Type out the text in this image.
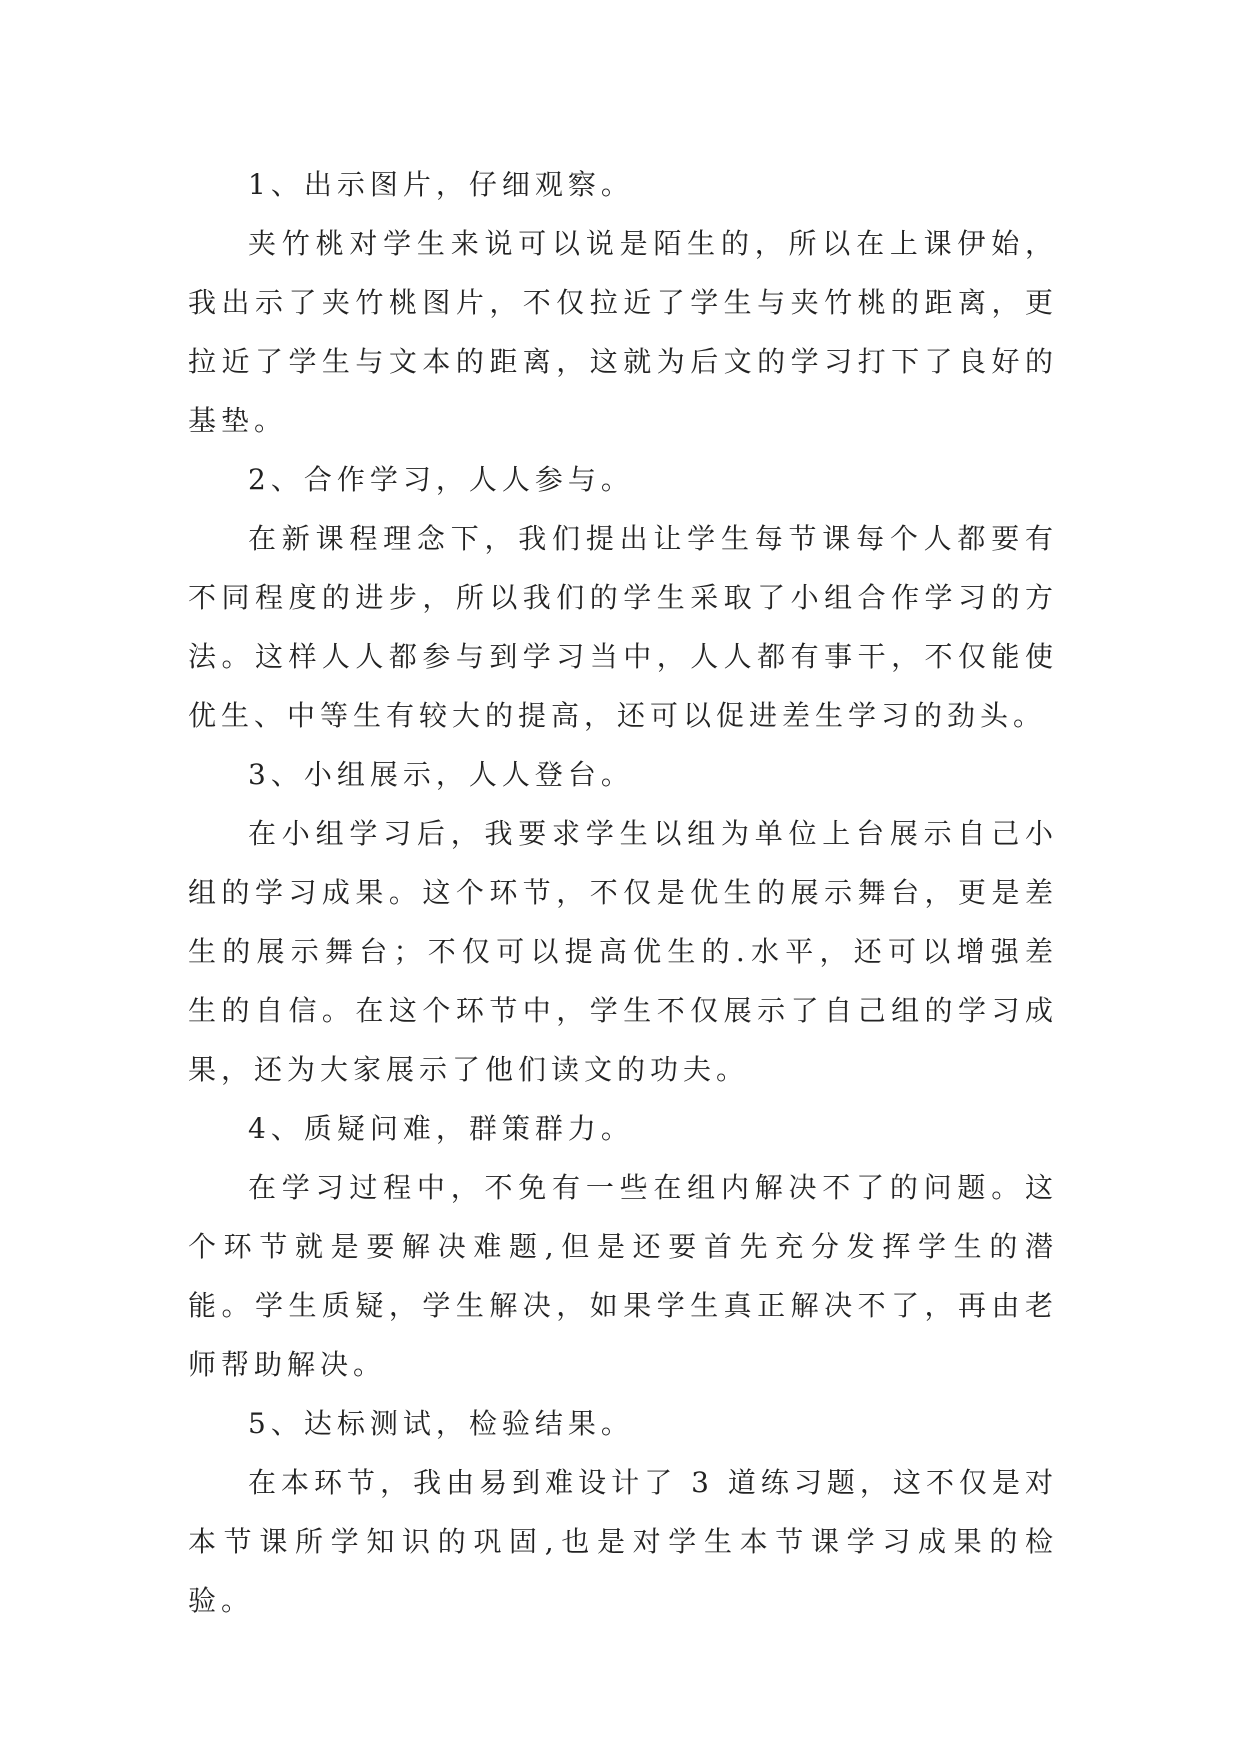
1、出示图片，仔细观察。

夹竹桃对学生来说可以说是陌生的，所以在上课伊始，我出示了夹竹桃图片，不仅拉近了学生与夹竹桃的距离，更拉近了学生与文本的距离，这就为后文的学习打下了良好的基垫。

2、合作学习，人人参与。

在新课程理念下，我们提出让学生每节课每个人都要有不同程度的进步，所以我们的学生采取了小组合作学习的方法。这样人人都参与到学习当中，人人都有事干，不仅能使优生、中等生有较大的提高，还可以促进差生学习的劲头。

3、小组展示，人人登台。

在小组学习后，我要求学生以组为单位上台展示自己小组的学习成果。这个环节，不仅是优生的展示舞台，更是差生的展示舞台；不仅可以提高优生的.水平，还可以增强差生的自信。在这个环节中，学生不仅展示了自己组的学习成果，还为大家展示了他们读文的功夫。

4、质疑问难，群策群力。

在学习过程中，不免有一些在组内解决不了的问题。这个环节就是要解决难题,但是还要首先充分发挥学生的潜能。学生质疑，学生解决，如果学生真正解决不了，再由老师帮助解决。

5、达标测试，检验结果。

在本环节，我由易到难设计了 3 道练习题，这不仅是对本节课所学知识的巩固,也是对学生本节课学习成果的检验。
